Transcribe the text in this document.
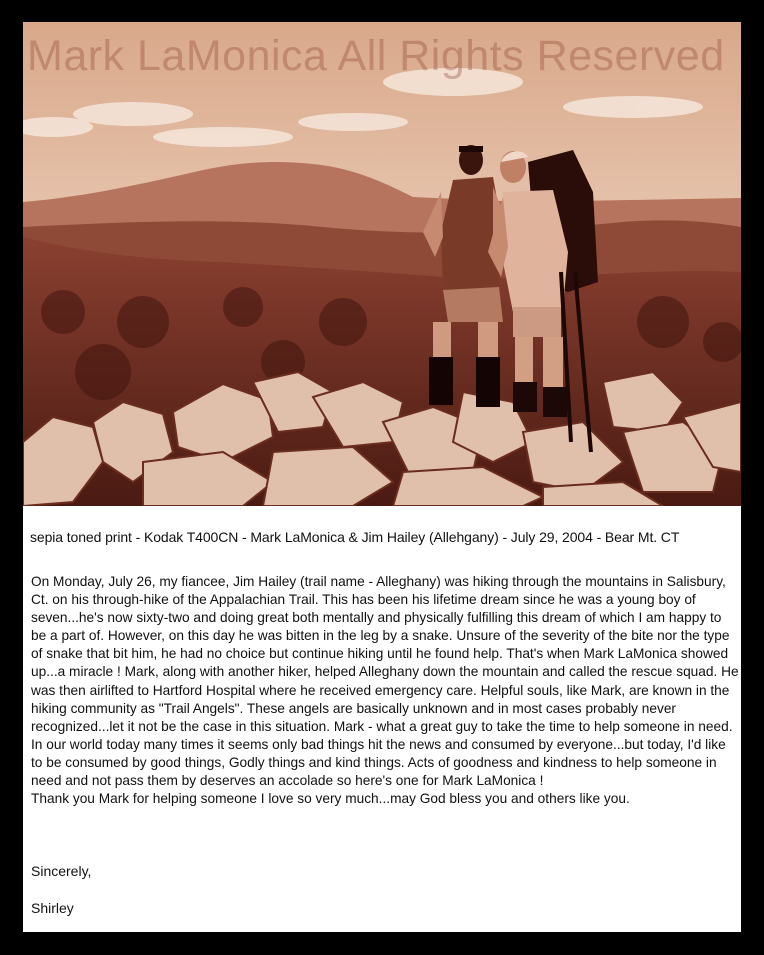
Mark LaMonica All Rights Reserved
sepia toned print - Kodak T400CN - Mark LaMonica & Jim Hailey (Allehgany) - July 29, 2004 - Bear Mt. CT

On Monday, July 26, my fiancee, Jim Hailey (trail name - Alleghany) was hiking through the mountains in Salisbury, Ct. on his through-hike of the Appalachian Trail. This has been his lifetime dream since he was a young boy of seven...he's now sixty-two and doing great both mentally and physically fulfilling this dream of which I am happy to be a part of. However, on this day he was bitten in the leg by a snake. Unsure of the severity of the bite nor the type of snake that bit him, he had no choice but continue hiking until he found help. That's when Mark LaMonica showed up...a miracle ! Mark, along with another hiker, helped Alleghany down the mountain and called the rescue squad. He was then airlifted to Hartford Hospital where he received emergency care. Helpful souls, like Mark, are known in the hiking community as "Trail Angels". These angels are basically unknown and in most cases probably never recognized...let it not be the case in this situation. Mark - what a great guy to take the time to help someone in need. In our world today many times it seems only bad things hit the news and consumed by everyone...but today, I'd like to be consumed by good things, Godly things and kind things. Acts of goodness and kindness to help someone in need and not pass them by deserves an accolade so here's one for Mark LaMonica !

Thank you Mark for helping someone I love so very much...may God bless you and others like you.

Sincerely,
Shirley
